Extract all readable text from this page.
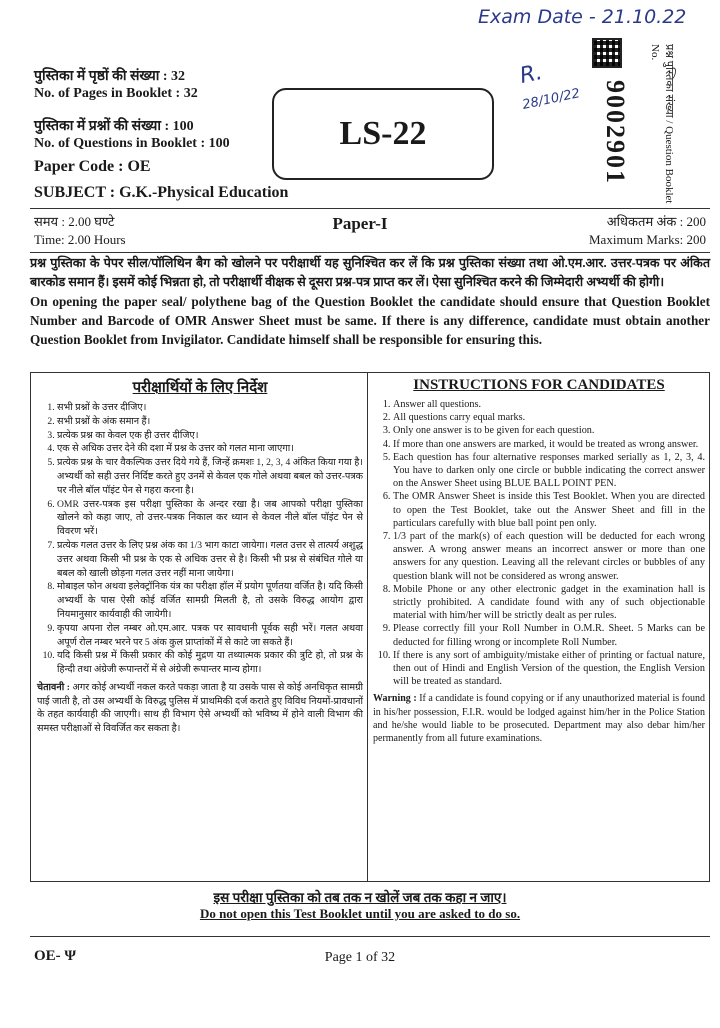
Exam Date - 21.10.22
R.
28/10/22
पुस्तिका में पृष्ठों की संख्या : 32
No. of Pages in Booklet : 32
पुस्तिका में प्रश्नों की संख्या : 100
No. of Questions in Booklet : 100
Paper Code : OE
SUBJECT : G.K.-Physical Education
LS-22	9002901	प्रश्न पुस्तिका संख्या / Question Booklet No.
समय : 2.00 घण्टे
Time: 2.00 Hours
Paper-I	अधिकतम अंक : 200
Maximum Marks: 200
प्रश्न पुस्तिका के पेपर सील/पॉलिथिन बैग को खोलने पर परीक्षार्थी यह सुनिश्चित कर लें कि प्रश्न पुस्तिका संख्या तथा ओ.एम.आर. उत्तर-पत्रक पर अंकित बारकोड समान हैं। इसमें कोई भिन्नता हो, तो परीक्षार्थी वीक्षक से दूसरा प्रश्न-पत्र प्राप्त कर लें। ऐसा सुनिश्चित करने की जिम्मेदारी अभ्यर्थी की होगी।
On opening the paper seal/ polythene bag of the Question Booklet the candidate should ensure that Question Booklet Number and Barcode of OMR Answer Sheet must be same. If there is any difference, candidate must obtain another Question Booklet from Invigilator. Candidate himself shall be responsible for ensuring this.
परीक्षार्थियों के लिए निर्देश
1. सभी प्रश्नों के उत्तर दीजिए।
2. सभी प्रश्नों के अंक समान हैं।
3. प्रत्येक प्रश्न का केवल एक ही उत्तर दीजिए।
4. एक से अधिक उत्तर देने की दशा में प्रश्न के उत्तर को गलत माना जाएगा।
5. प्रत्येक प्रश्न के चार वैकल्पिक उत्तर दिये गये हैं, जिन्हें क्रमशः 1, 2, 3, 4 अंकित किया गया है। अभ्यर्थी को सही उत्तर निर्दिष्ट करते हुए उनमें से केवल एक गोले अथवा बबल को उत्तर-पत्रक पर नीले बॉल पॉइंट पेन से गहरा करना है।
6. OMR उत्तर-पत्रक इस परीक्षा पुस्तिका के अन्दर रखा है। जब आपको परीक्षा पुस्तिका खोलने को कहा जाए, तो उत्तर-पत्रक निकाल कर ध्यान से केवल नीले बॉल पॉइंट पेन से विवरण भरें।
7. प्रत्येक गलत उत्तर के लिए प्रश्न अंक का 1/3 भाग काटा जायेगा। गलत उत्तर से तात्पर्य अशुद्ध उत्तर अथवा किसी भी प्रश्न के एक से अधिक उत्तर से है। किसी भी प्रश्न से संबंधित गोले या बबल को खाली छोड़ना गलत उत्तर नहीं माना जायेगा।
8. मोबाइल फोन अथवा इलेक्ट्रॉनिक यंत्र का परीक्षा हॉल में प्रयोग पूर्णतया वर्जित है। यदि किसी अभ्यर्थी के पास ऐसी कोई वर्जित सामग्री मिलती है, तो उसके विरुद्ध आयोग द्वारा नियमानुसार कार्यवाही की जायेगी।
9. कृपया अपना रोल नम्बर ओ.एम.आर. पत्रक पर सावधानी पूर्वक सही भरें। गलत अथवा अपूर्ण रोल नम्बर भरने पर 5 अंक कुल प्राप्तांकों में से काटे जा सकते हैं।
10. यदि किसी प्रश्न में किसी प्रकार की कोई मुद्रण या तथ्यात्मक प्रकार की त्रुटि हो, तो प्रश्न के हिन्दी तथा अंग्रेजी रूपान्तरों में से अंग्रेजी रूपान्तर मान्य होगा।
चेतावनी : अगर कोई अभ्यर्थी नकल करते पकड़ा जाता है या उसके पास से कोई अनधिकृत सामग्री पाई जाती है, तो उस अभ्यर्थी के विरुद्ध पुलिस में प्राथमिकी दर्ज कराते हुए विविध नियमों-प्रावधानों के तहत कार्यवाही की जाएगी। साथ ही विभाग ऐसे अभ्यर्थी को भविष्य में होने वाली विभाग की समस्त परीक्षाओं से विवर्जित कर सकता है।
INSTRUCTIONS FOR CANDIDATES
1. Answer all questions.
2. All questions carry equal marks.
3. Only one answer is to be given for each question.
4. If more than one answers are marked, it would be treated as wrong answer.
5. Each question has four alternative responses marked serially as 1, 2, 3, 4. You have to darken only one circle or bubble indicating the correct answer on the Answer Sheet using BLUE BALL POINT PEN.
6. The OMR Answer Sheet is inside this Test Booklet. When you are directed to open the Test Booklet, take out the Answer Sheet and fill in the particulars carefully with blue ball point pen only.
7. 1/3 part of the mark(s) of each question will be deducted for each wrong answer. A wrong answer means an incorrect answer or more than one answers for any question. Leaving all the relevant circles or bubbles of any question blank will not be considered as wrong answer.
8. Mobile Phone or any other electronic gadget in the examination hall is strictly prohibited. A candidate found with any of such objectionable material with him/her will be strictly dealt as per rules.
9. Please correctly fill your Roll Number in O.M.R. Sheet. 5 Marks can be deducted for filling wrong or incomplete Roll Number.
10. If there is any sort of ambiguity/mistake either of printing or factual nature, then out of Hindi and English Version of the question, the English Version will be treated as standard.
Warning : If a candidate is found copying or if any unauthorized material is found in his/her possession, F.I.R. would be lodged against him/her in the Police Station and he/she would liable to be prosecuted. Department may also debar him/her permanently from all future examinations.
इस परीक्षा पुस्तिका को तब तक न खोलें जब तक कहा न जाए।
Do not open this Test Booklet until you are asked to do so.
OE- Ψ	Page 1 of 32
